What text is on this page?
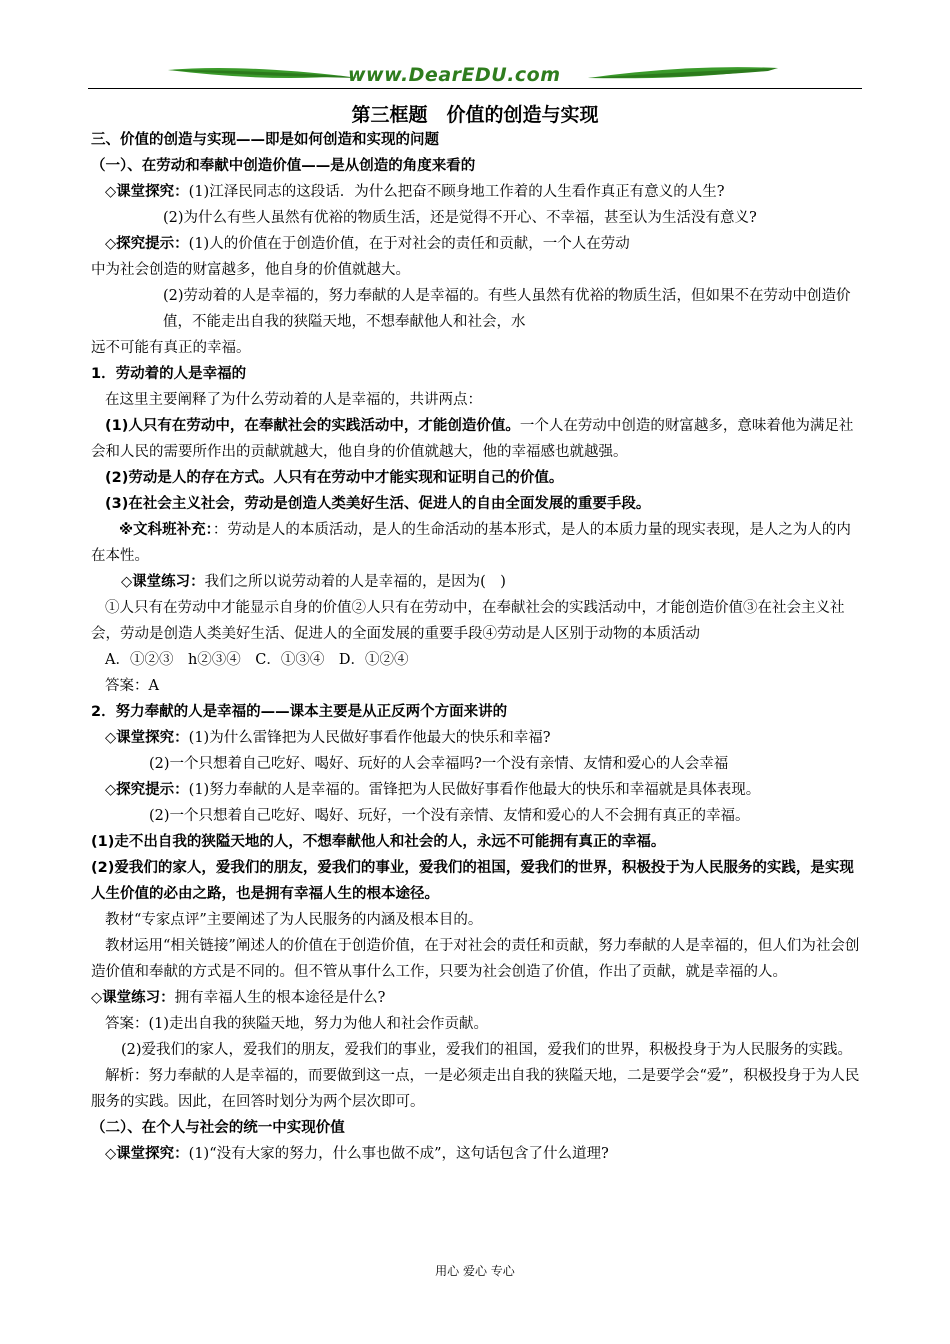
www.DearEDU.com
第三框题　价值的创造与实现

三、价值的创造与实现——即是如何创造和实现的问题

（一）、在劳动和奉献中创造价值——是从创造的角度来看的

◇课堂探究：(1)江泽民同志的这段话．为什么把奋不顾身地工作着的人生看作真正有意义的人生?

(2)为什么有些人虽然有优裕的物质生活，还是觉得不开心、不幸福，甚至认为生活没有意义?

◇探究提示：(1)人的价值在于创造价值，在于对社会的责任和贡献，一个人在劳动

中为社会创造的财富越多，他自身的价值就越大。

(2)劳动着的人是幸福的，努力奉献的人是幸福的。有些人虽然有优裕的物质生活，但如果不在劳动中创造价值，不能走出自我的狭隘天地，不想奉献他人和社会，水

远不可能有真正的幸福。

1．劳动着的人是幸福的

在这里主要阐释了为什么劳动着的人是幸福的，共讲两点：

(1)人只有在劳动中，在奉献社会的实践活动中，才能创造价值。一个人在劳动中创造的财富越多，意味着他为满足社会和人民的需要所作出的贡献就越大，他自身的价值就越大，他的幸福感也就越强。

(2)劳动是人的存在方式。人只有在劳动中才能实现和证明自己的价值。

(3)在社会主义社会，劳动是创造人类美好生活、促进人的自由全面发展的重要手段。

※文科班补充：：劳动是人的本质活动，是人的生命活动的基本形式，是人的本质力量的现实表现，是人之为人的内在本性。

◇课堂练习：我们之所以说劳动着的人是幸福的，是因为(　)

①人只有在劳动中才能显示自身的价值②人只有在劳动中，在奉献社会的实践活动中，才能创造价值③在社会主义社会，劳动是创造人类美好生活、促进人的全面发展的重要手段④劳动是人区别于动物的本质活动

A．①②③　h②③④　C．①③④　D．①②④

答案：A

2．努力奉献的人是幸福的——课本主要是从正反两个方面来讲的

◇课堂探究：(1)为什么雷锋把为人民做好事看作他最大的快乐和幸福?

(2)一个只想着自己吃好、喝好、玩好的人会幸福吗?一个没有亲情、友情和爱心的人会幸福

◇探究提示：(1)努力奉献的人是幸福的。雷锋把为人民做好事看作他最大的快乐和幸福就是具体表现。

(2)一个只想着自己吃好、喝好、玩好，一个没有亲情、友情和爱心的人不会拥有真正的幸福。

(1)走不出自我的狭隘天地的人，不想奉献他人和社会的人，永远不可能拥有真正的幸福。

(2)爱我们的家人，爱我们的朋友，爱我们的事业，爱我们的祖国，爱我们的世界，积极投于为人民服务的实践，是实现人生价值的必由之路，也是拥有幸福人生的根本途径。

教材“专家点评”主要阐述了为人民服务的内涵及根本目的。

教材运用“相关链接”阐述人的价值在于创造价值，在于对社会的责任和贡献，努力奉献的人是幸福的，但人们为社会创造价值和奉献的方式是不同的。但不管从事什么工作，只要为社会创造了价值，作出了贡献，就是幸福的人。

◇课堂练习：拥有幸福人生的根本途径是什么?

答案：(1)走出自我的狭隘天地，努力为他人和社会作贡献。

(2)爱我们的家人，爱我们的朋友，爱我们的事业，爱我们的祖国，爱我们的世界，积极投身于为人民服务的实践。

解析：努力奉献的人是幸福的，而要做到这一点，一是必须走出自我的狭隘天地，二是要学会“爱”，积极投身于为人民服务的实践。因此，在回答时划分为两个层次即可。

（二）、在个人与社会的统一中实现价值

◇课堂探究：(1)“没有大家的努力，什么事也做不成”，这句话包含了什么道理?

用心 爱心 专心
